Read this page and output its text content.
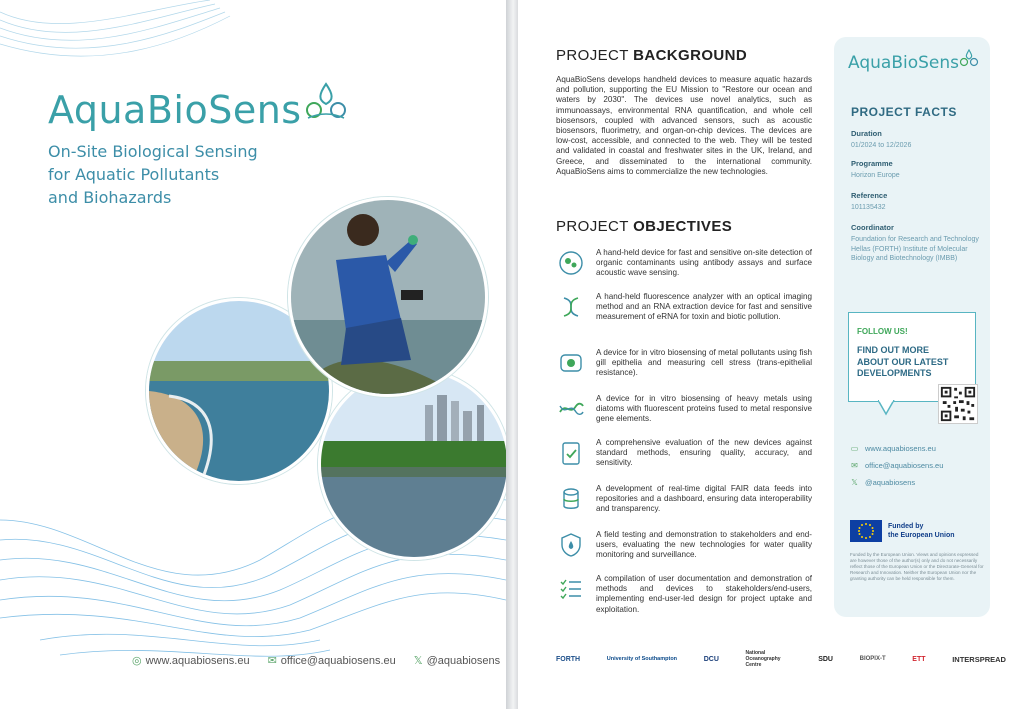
AquaBioSens
On-Site Biological Sensing
for Aquatic Pollutants
and Biohazards
◎ www.aquabiosens.eu ✉ office@aquabiosens.eu 𝕏 @aquabiosens
PROJECT BACKGROUND

AquaBioSens develops handheld devices to measure aquatic hazards and pollution, supporting the EU Mission to "Restore our ocean and waters by 2030". The devices use novel analytics, such as immunoassays, environmental RNA quantification, and whole cell biosensors, coupled with advanced sensors, such as acoustic biosensors, fluorimetry, and organ-on-chip devices. The devices are low-cost, accessible, and connected to the web. They will be tested and validated in coastal and freshwater sites in the UK, Ireland, and Greece, and disseminated to the international community. AquaBioSens aims to commercialize the new technologies.

PROJECT OBJECTIVES
A hand-held device for fast and sensitive on-site detection of organic contaminants using antibody assays and surface acoustic wave sensing.
A hand-held fluorescence analyzer with an optical imaging method and an RNA extraction device for fast and sensitive measurement of eRNA for toxin and biotic pollution.
A device for in vitro biosensing of metal pollutants using fish gill epithelia and measuring cell stress (trans-epithelial resistance).
A device for in vitro biosensing of heavy metals using diatoms with fluorescent proteins fused to metal responsive gene elements.
A comprehensive evaluation of the new devices against standard methods, ensuring quality, accuracy, and sensitivity.
A development of real-time digital FAIR data feeds into repositories and a dashboard, ensuring data interoperability and transparency.
A field testing and demonstration to stakeholders and end-users, evaluating the new technologies for water quality monitoring and surveillance.
A compilation of user documentation and demonstration of methods and devices to stakeholders/end-users, implementing end-user-led design for project uptake and exploitation.
AquaBioSens
PROJECT FACTS
Duration
01/2024 to 12/2026
Programme
Horizon Europe
Reference
101135432
Coordinator
Foundation for Research and Technology Hellas (FORTH) Institute of Molecular Biology and Biotechnology (IMBB)
FOLLOW US!
FIND OUT MORE ABOUT OUR LATEST DEVELOPMENTS
▭ www.aquabiosens.eu
✉ office@aquabiosens.eu
𝕏 @aquabiosens
Funded by
the European Union

Funded by the European Union. Views and opinions expressed are however those of the author(s) only and do not necessarily reflect those of the European Union or the Directorate-General for Research and Innovation. Neither the European Union nor the granting authority can be held responsible for them.

FORTH	University of Southampton	DCU
National Oceanography Centre
SDU	BIOPIX-T	ETT	INTERSPREAD
